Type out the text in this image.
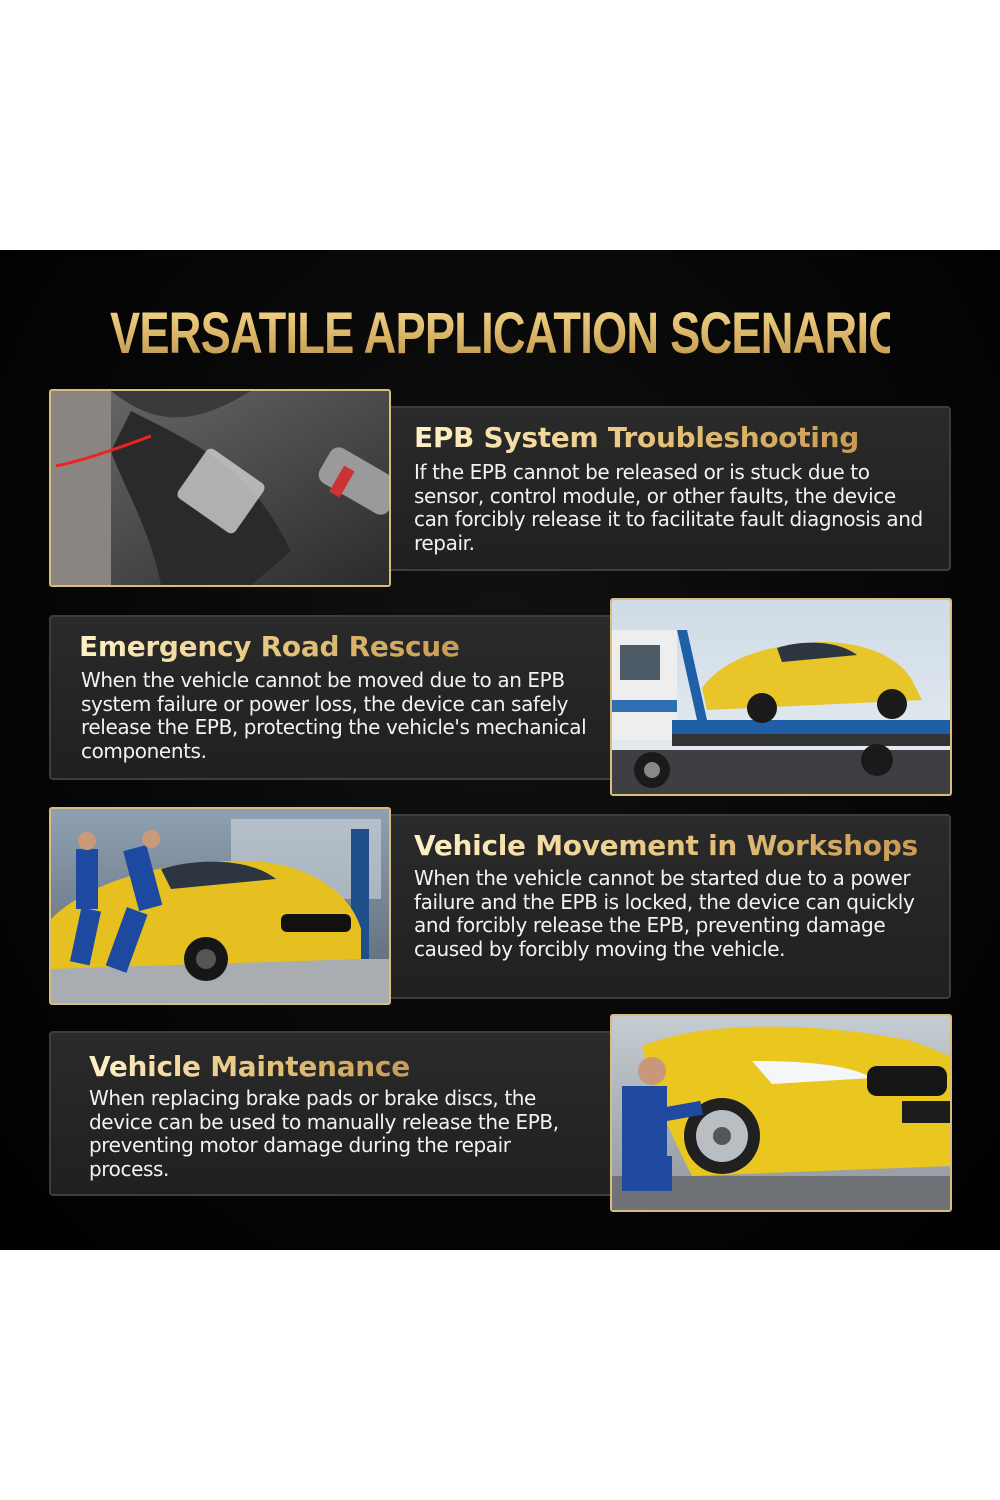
VERSATILE APPLICATION SCENARIOS
EPB System Troubleshooting
If the EPB cannot be released or is stuck due to sensor, control module, or other faults, the device can forcibly release it to facilitate fault diagnosis and repair.
Emergency Road Rescue
When the vehicle cannot be moved due to an EPB system failure or power loss, the device can safely release the EPB, protecting the vehicle's mechanical components.
Vehicle Movement in Workshops
When the vehicle cannot be started due to a power failure and the EPB is locked, the device can quickly and forcibly release the EPB, preventing damage caused by forcibly moving the vehicle.
Vehicle Maintenance
When replacing brake pads or brake discs, the device can be used to manually release the EPB, preventing motor damage during the repair process.
